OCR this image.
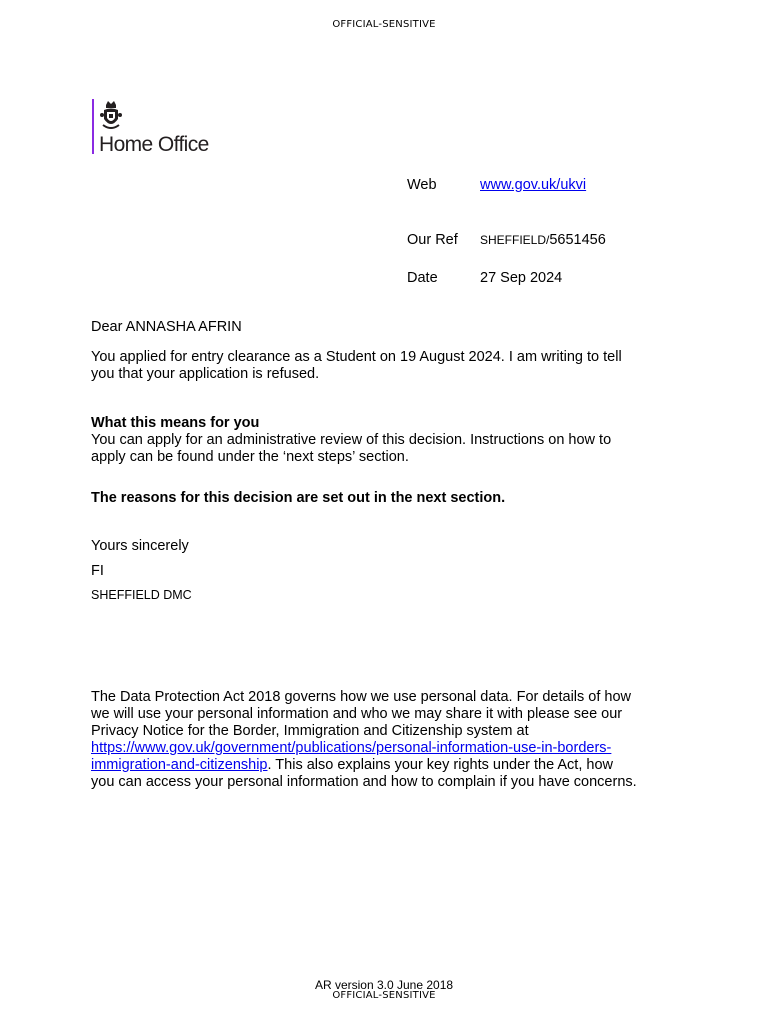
OFFICIAL-SENSITIVE
Home Office
Web	www.gov.uk/ukvi
Our Ref SHEFFIELD/5651456
Date	27 Sep 2024
Dear ANNASHA AFRIN
You applied for entry clearance as a Student on 19 August 2024. I am writing to tell
you that your application is refused.
What this means for you
You can apply for an administrative review of this decision. Instructions on how to
apply can be found under the ‘next steps’ section.
The reasons for this decision are set out in the next section.
Yours sincerely
FI
SHEFFIELD DMC
The Data Protection Act 2018 governs how we use personal data. For details of how
we will use your personal information and who we may share it with please see our
Privacy Notice for the Border, Immigration and Citizenship system at
https://www.gov.uk/government/publications/personal-information-use-in-borders-
immigration-and-citizenship. This also explains your key rights under the Act, how
you can access your personal information and how to complain if you have concerns.
AR version 3.0 June 2018
OFFICIAL-SENSITIVE
